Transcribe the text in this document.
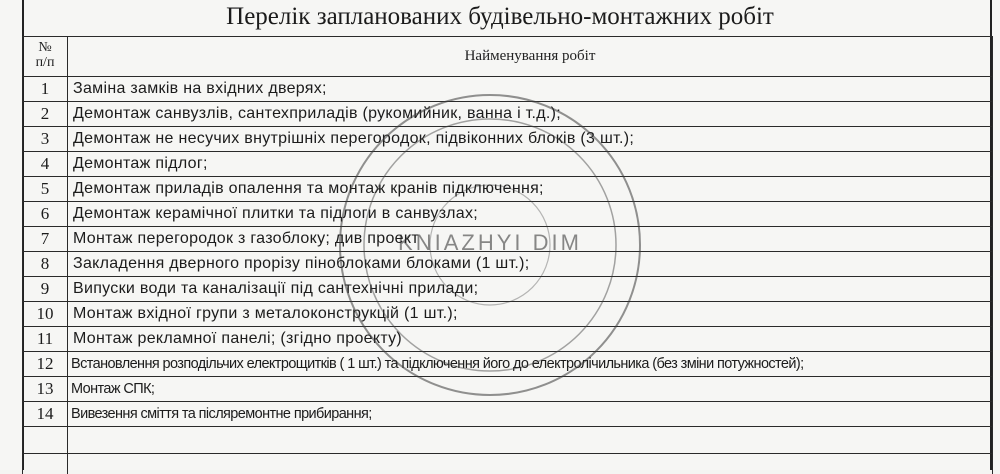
Перелік запланованих будівельно-монтажних робіт
№
п/п	Найменування робіт
1	Заміна замків на вхідних дверях;
2	Демонтаж санвузлів, сантехприладів (рукомийник, ванна і т.д.);
3	Демонтаж не несучих внутрішніх перегородок, підвіконних блоків (3 шт.);
4	Демонтаж підлог;
5	Демонтаж приладів опалення та монтаж кранів підключення;
6	Демонтаж керамічної плитки та підлоги в санвузлах;
7	Монтаж перегородок з газоблоку; див проект
8	Закладення дверного прорізу піноблоками блоками (1 шт.);
9	Випуски води та каналізації під сантехнічні прилади;
10	Монтаж вхідної групи з металоконструкцій (1 шт.);
11	Монтаж рекламної панелі; (згідно проекту)
12	Встановлення розподільчих електрощитків ( 1 шт.) та підключення його до електролічильника (без зміни потужностей);
13	Монтаж СПК;
14	Вивезення сміття та післяремонтне прибирання;

KNIAZHYI DIM
